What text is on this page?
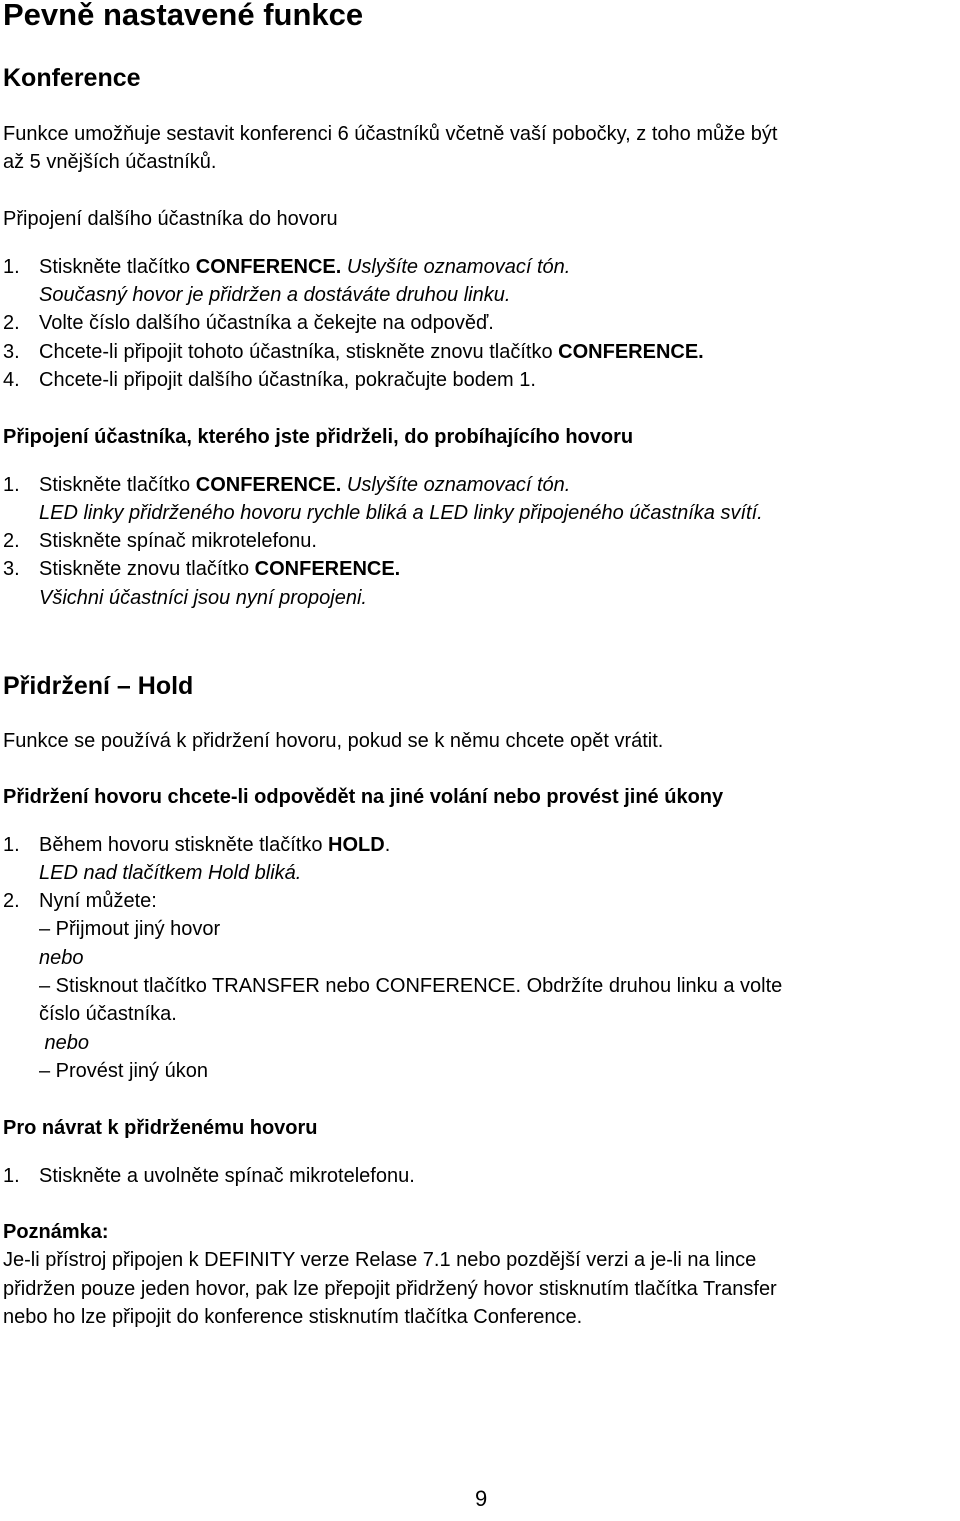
Pevně nastavené funkce
Konference
Funkce umožňuje sestavit konferenci 6 účastníků včetně vaší pobočky, z toho může být
až 5 vnějších účastníků.
Připojení dalšího účastníka do hovoru
1. Stiskněte tlačítko CONFERENCE. Uslyšíte oznamovací tón.
Současný hovor je přidržen a dostáváte druhou linku.
2. Volte číslo dalšího účastníka a čekejte na odpověď.
3. Chcete-li připojit tohoto účastníka, stiskněte znovu tlačítko CONFERENCE.
4. Chcete-li připojit dalšího účastníka, pokračujte bodem 1.
Připojení účastníka, kterého jste přidrželi, do probíhajícího hovoru
1. Stiskněte tlačítko CONFERENCE. Uslyšíte oznamovací tón.
LED linky přidrženého hovoru rychle bliká a LED linky připojeného účastníka svítí.
2. Stiskněte spínač mikrotelefonu.
3. Stiskněte znovu tlačítko CONFERENCE.
Všichni účastníci jsou nyní propojeni.
Přidržení – Hold
Funkce se používá k přidržení hovoru, pokud se k němu chcete opět vrátit.
Přidržení hovoru chcete-li odpovědět na jiné volání nebo provést jiné úkony
1. Během hovoru stiskněte tlačítko HOLD.
LED nad tlačítkem Hold bliká.
2. Nyní můžete:
– Přijmout jiný hovor
nebo
– Stisknout tlačítko TRANSFER nebo CONFERENCE. Obdržíte druhou linku a volte
číslo účastníka.
nebo
– Provést jiný úkon
Pro návrat k přidrženému hovoru
1. Stiskněte a uvolněte spínač mikrotelefonu.
Poznámka:
Je-li přístroj připojen k DEFINITY verze Relase 7.1 nebo pozdější verzi a je-li na lince
přidržen pouze jeden hovor, pak lze přepojit přidržený hovor stisknutím tlačítka Transfer
nebo ho lze připojit do konference stisknutím tlačítka Conference.
9
